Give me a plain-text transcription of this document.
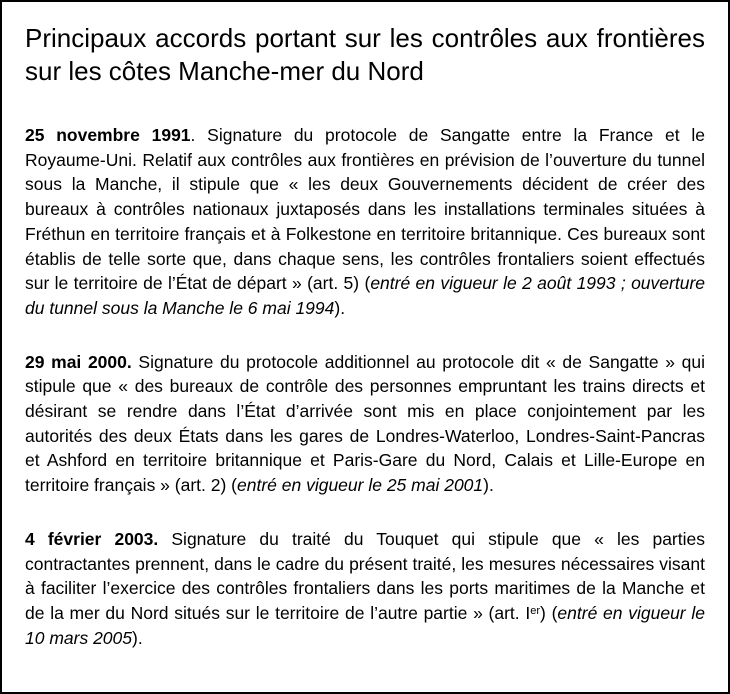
Principaux accords portant sur les contrôles aux frontières sur les côtes Manche-mer du Nord

25 novembre 1991. Signature du protocole de Sangatte entre la France et le Royaume-Uni. Relatif aux contrôles aux frontières en prévision de l’ouverture du tunnel sous la Manche, il stipule que « les deux Gouvernements décident de créer des bureaux à contrôles nationaux juxtaposés dans les installations terminales situées à Fréthun en territoire français et à Folkestone en territoire britannique. Ces bureaux sont établis de telle sorte que, dans chaque sens, les contrôles frontaliers soient effectués sur le territoire de l’État de départ » (art. 5) (entré en vigueur le 2 août 1993 ; ouverture du tunnel sous la Manche le 6 mai 1994).

29 mai 2000. Signature du protocole additionnel au protocole dit « de Sangatte » qui stipule que « des bureaux de contrôle des personnes empruntant les trains directs et désirant se rendre dans l’État d’arrivée sont mis en place conjointement par les autorités des deux États dans les gares de Londres-Waterloo, Londres-Saint-Pancras et Ashford en territoire britannique et Paris-Gare du Nord, Calais et Lille-Europe en territoire français » (art. 2) (entré en vigueur le 25 mai 2001).

4 février 2003. Signature du traité du Touquet qui stipule que « les parties contractantes prennent, dans le cadre du présent traité, les mesures nécessaires visant à faciliter l’exercice des contrôles frontaliers dans les ports maritimes de la Manche et de la mer du Nord situés sur le territoire de l’autre partie » (art. Ier) (entré en vigueur le 10 mars 2005).
